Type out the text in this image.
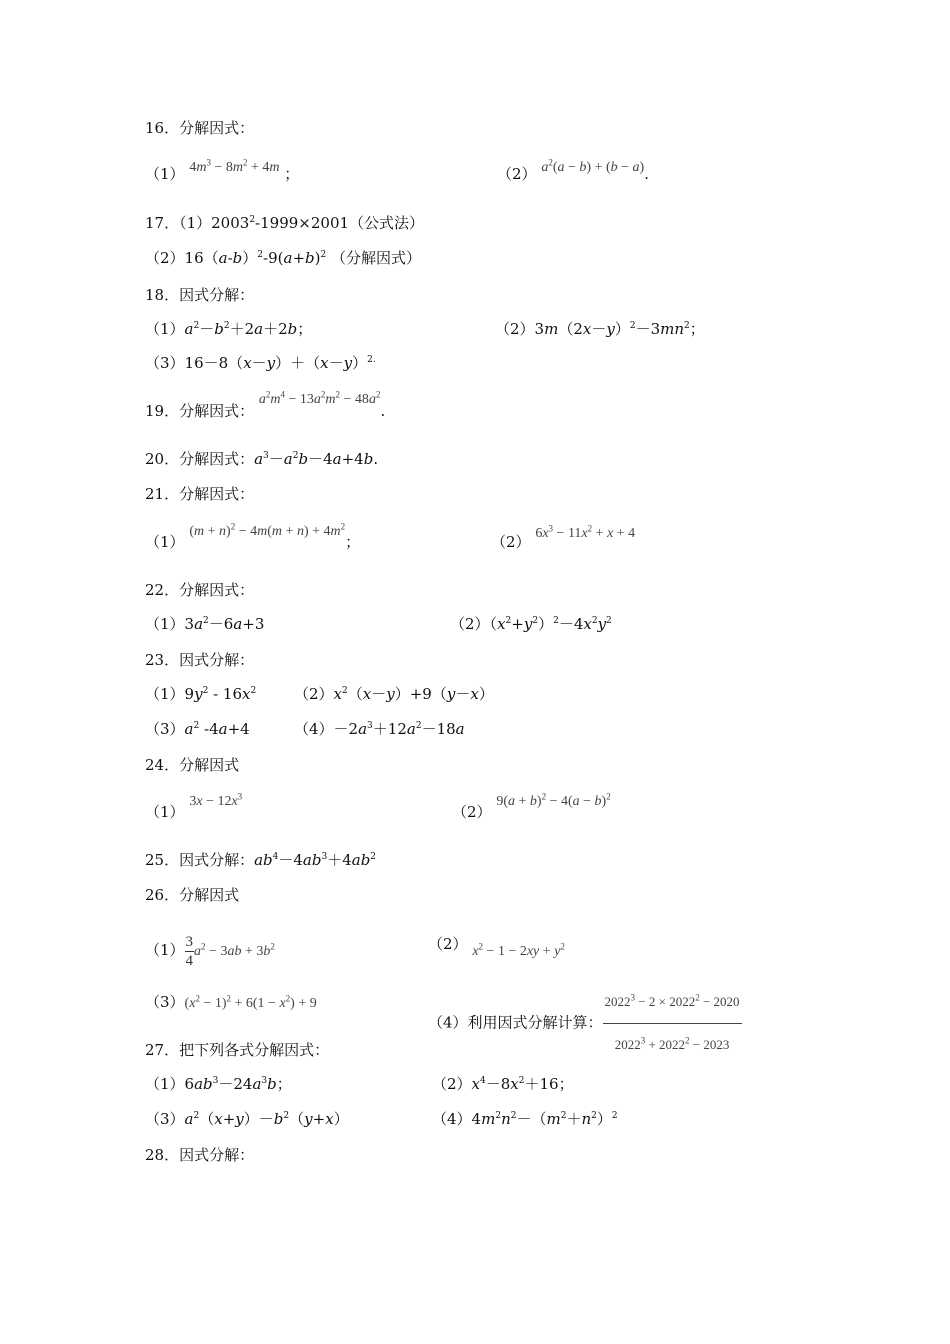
16．分解因式：
（1） $4m^3 - 8m^2 + 4m$ ；	（2） $a^2(a - b) + (b - a)$.
17．$(1)2003^2-1999\times 2001$（公式法）
$(2)16(a-b)^2-9(a+b)^2$ （分解因式）
18．因式分解：
$(1)a^2-b^2+2a+2b$；	$(2)3m(2x-y)^2-3mn^2$；
$(3)16-8(x-y)+(x-y)^{2.}$
19．分解因式： $a^2m^4 - 13a^2m^2 - 48a^2$.
20．分解因式：$a^3-a^2b-4a+4b$.
21．分解因式：
（1） $(m + n)^2 - 4m(m + n) + 4m^2$；	（2） $6x^3 - 11x^2 + x + 4$
22．分解因式：
$(1)3a^2-6a+3$	$(2)(x^2+y^2)^2-4x^2y^2$
23．因式分解：
$(1)9y^2 - 16x^2$	$(2)x^2(x-y)+9(y-x)$
$(3)a^2$ -4a+4	$(4)-2a^3+12a^2-18a$
24．分解因式
（1） $3x - 12x^3$
（2） $9(a + b)^2 - 4(a - b)^2$
25．因式分解：$ab^4-4ab^3+4ab^2$
26．分解因式
$(1) \frac{3}{4} a^2 - 3ab + 3b^2$	（2） $x^2 - 1 - 2xy + y^2$
$(3)(x^2 - 1)^2 + 6(1 - x^2) + 9$
（4）利用因式分解计算： $\frac{2022^3 - 2 \times 2022^2 - 2020}{2022^3 + 2022^2 - 2023}$
27．把下列各式分解因式：
$(1)6ab^3-24a^3b$；	$(2)x^4-8x^2+16$；
$(3)a^2(x+y)-b^2(y+x)$	$(4)4m^2n^2-(m^2+n^2)^2$
28．因式分解：
